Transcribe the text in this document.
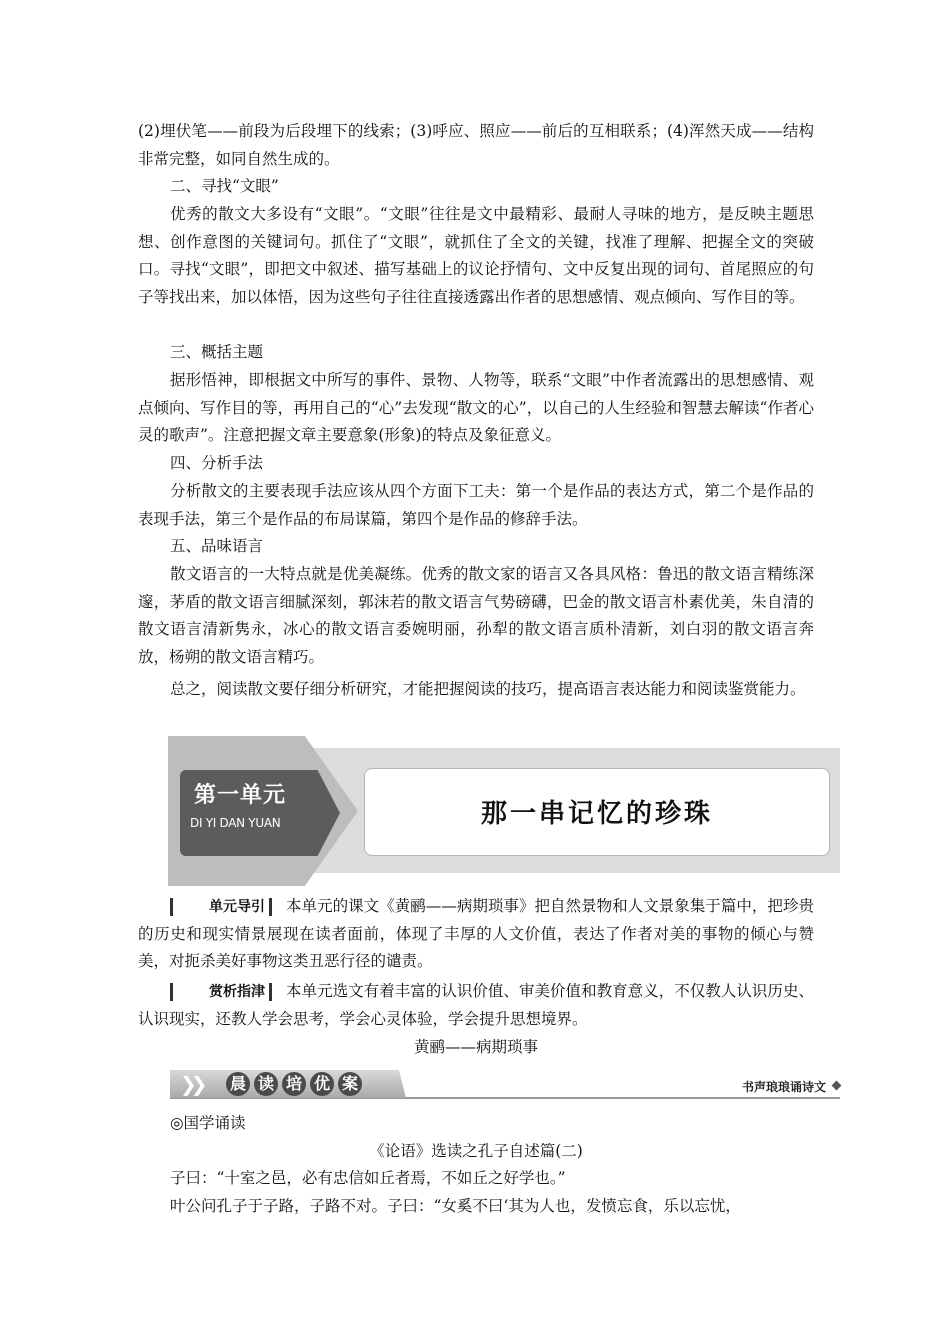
(2)埋伏笔——前段为后段埋下的线索；(3)呼应、照应——前后的互相联系；(4)浑然天成——结构非常完整，如同自然生成的。

二、寻找“文眼”

优秀的散文大多设有“文眼”。“文眼”往往是文中最精彩、最耐人寻味的地方，是反映主题思想、创作意图的关键词句。抓住了“文眼”，就抓住了全文的关键，找准了理解、把握全文的突破口。寻找“文眼”，即把文中叙述、描写基础上的议论抒情句、文中反复出现的词句、首尾照应的句子等找出来，加以体悟，因为这些句子往往直接透露出作者的思想感情、观点倾向、写作目的等。

三、概括主题

据形悟神，即根据文中所写的事件、景物、人物等，联系“文眼”中作者流露出的思想感情、观点倾向、写作目的等，再用自己的“心”去发现“散文的心”，以自己的人生经验和智慧去解读“作者心灵的歌声”。注意把握文章主要意象(形象)的特点及象征意义。

四、分析手法

分析散文的主要表现手法应该从四个方面下工夫：第一个是作品的表达方式，第二个是作品的表现手法，第三个是作品的布局谋篇，第四个是作品的修辞手法。

五、品味语言

散文语言的一大特点就是优美凝练。优秀的散文家的语言又各具风格：鲁迅的散文语言精练深邃，茅盾的散文语言细腻深刻，郭沫若的散文语言气势磅礴，巴金的散文语言朴素优美，朱自清的散文语言清新隽永，冰心的散文语言委婉明丽，孙犁的散文语言质朴清新，刘白羽的散文语言奔放，杨朔的散文语言精巧。

总之，阅读散文要仔细分析研究，才能把握阅读的技巧，提高语言表达能力和阅读鉴赏能力。

第一单元
DI YI DAN YUAN	那一串记忆的珍珠

单元导引 本单元的课文《黄鹂——病期琐事》把自然景物和人文景象集于篇中，把珍贵的历史和现实情景展现在读者面前，体现了丰厚的人文价值，表达了作者对美的事物的倾心与赞美，对扼杀美好事物这类丑恶行径的谴责。

赏析指津 本单元选文有着丰富的认识价值、审美价值和教育意义，不仅教人认识历史、认识现实，还教人学会思考，学会心灵体验，学会提升思想境界。

黄鹂——病期琐事

❯❯ 晨 读 培 优 案	书声琅琅诵诗文

◎国学诵读

《论语》选读之孔子自述篇(二)

子曰：“十室之邑，必有忠信如丘者焉，不如丘之好学也。”

叶公问孔子于子路，子路不对。子曰：“女奚不曰‘其为人也，发愤忘食，乐以忘忧，
